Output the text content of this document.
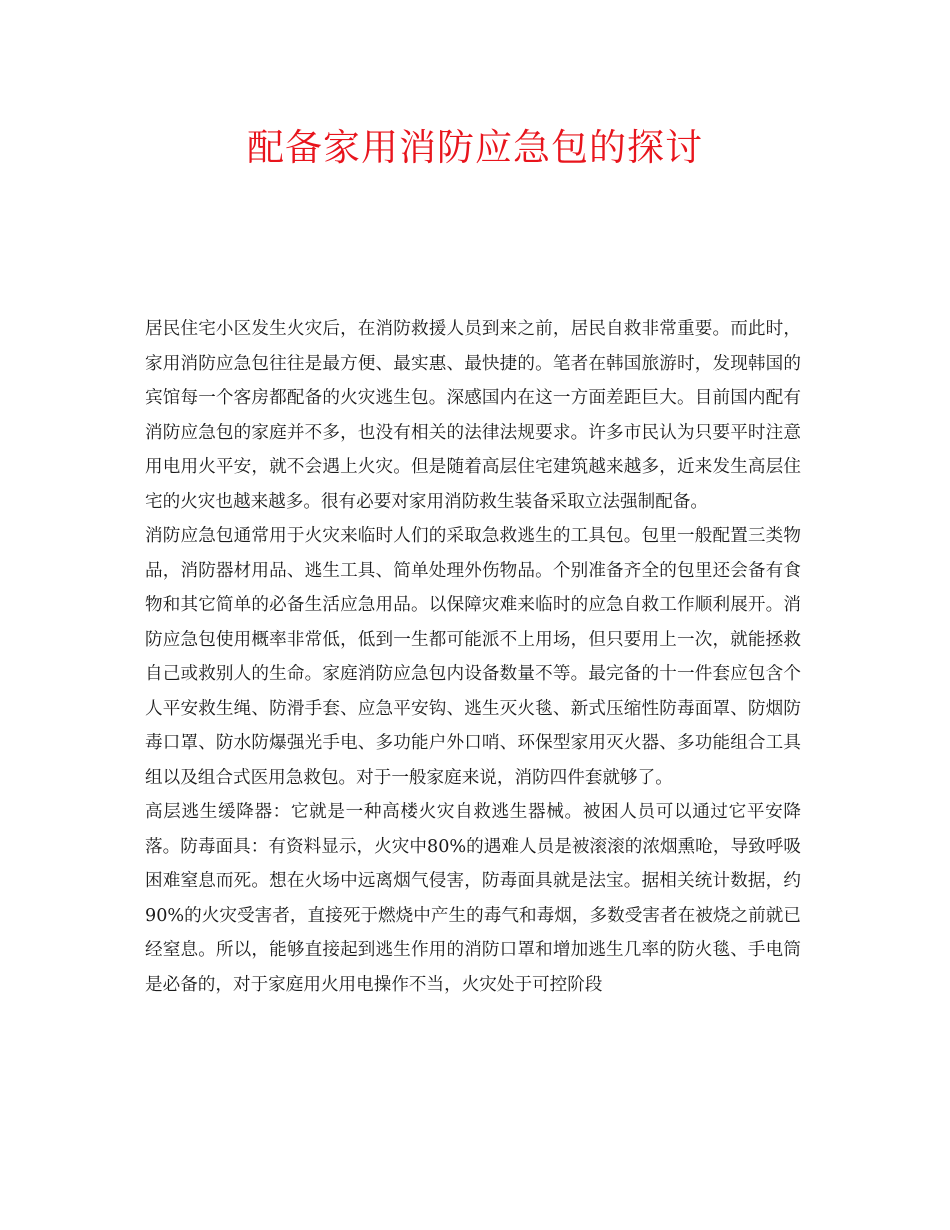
配备家用消防应急包的探讨

居民住宅小区发生火灾后，在消防救援人员到来之前，居民自救非常重要。而此时，家用消防应急包往往是最方便、最实惠、最快捷的。笔者在韩国旅游时，发现韩国的宾馆每一个客房都配备的火灾逃生包。深感国内在这一方面差距巨大。目前国内配有消防应急包的家庭并不多，也没有相关的法律法规要求。许多市民认为只要平时注意用电用火平安，就不会遇上火灾。但是随着高层住宅建筑越来越多，近来发生高层住宅的火灾也越来越多。很有必要对家用消防救生装备采取立法强制配备。

消防应急包通常用于火灾来临时人们的采取急救逃生的工具包。包里一般配置三类物品，消防器材用品、逃生工具、简单处理外伤物品。个别准备齐全的包里还会备有食物和其它简单的必备生活应急用品。以保障灾难来临时的应急自救工作顺利展开。消防应急包使用概率非常低，低到一生都可能派不上用场，但只要用上一次，就能拯救自己或救别人的生命。家庭消防应急包内设备数量不等。最完备的十一件套应包含个人平安救生绳、防滑手套、应急平安钩、逃生灭火毯、新式压缩性防毒面罩、防烟防毒口罩、防水防爆强光手电、多功能户外口哨、环保型家用灭火器、多功能组合工具组以及组合式医用急救包。对于一般家庭来说，消防四件套就够了。

高层逃生缓降器：它就是一种高楼火灾自救逃生器械。被困人员可以通过它平安降落。防毒面具：有资料显示，火灾中80%的遇难人员是被滚滚的浓烟熏呛，导致呼吸困难窒息而死。想在火场中远离烟气侵害，防毒面具就是法宝。据相关统计数据，约90%的火灾受害者，直接死于燃烧中产生的毒气和毒烟，多数受害者在被烧之前就已经窒息。所以，能够直接起到逃生作用的消防口罩和增加逃生几率的防火毯、手电筒是必备的，对于家庭用火用电操作不当，火灾处于可控阶段
